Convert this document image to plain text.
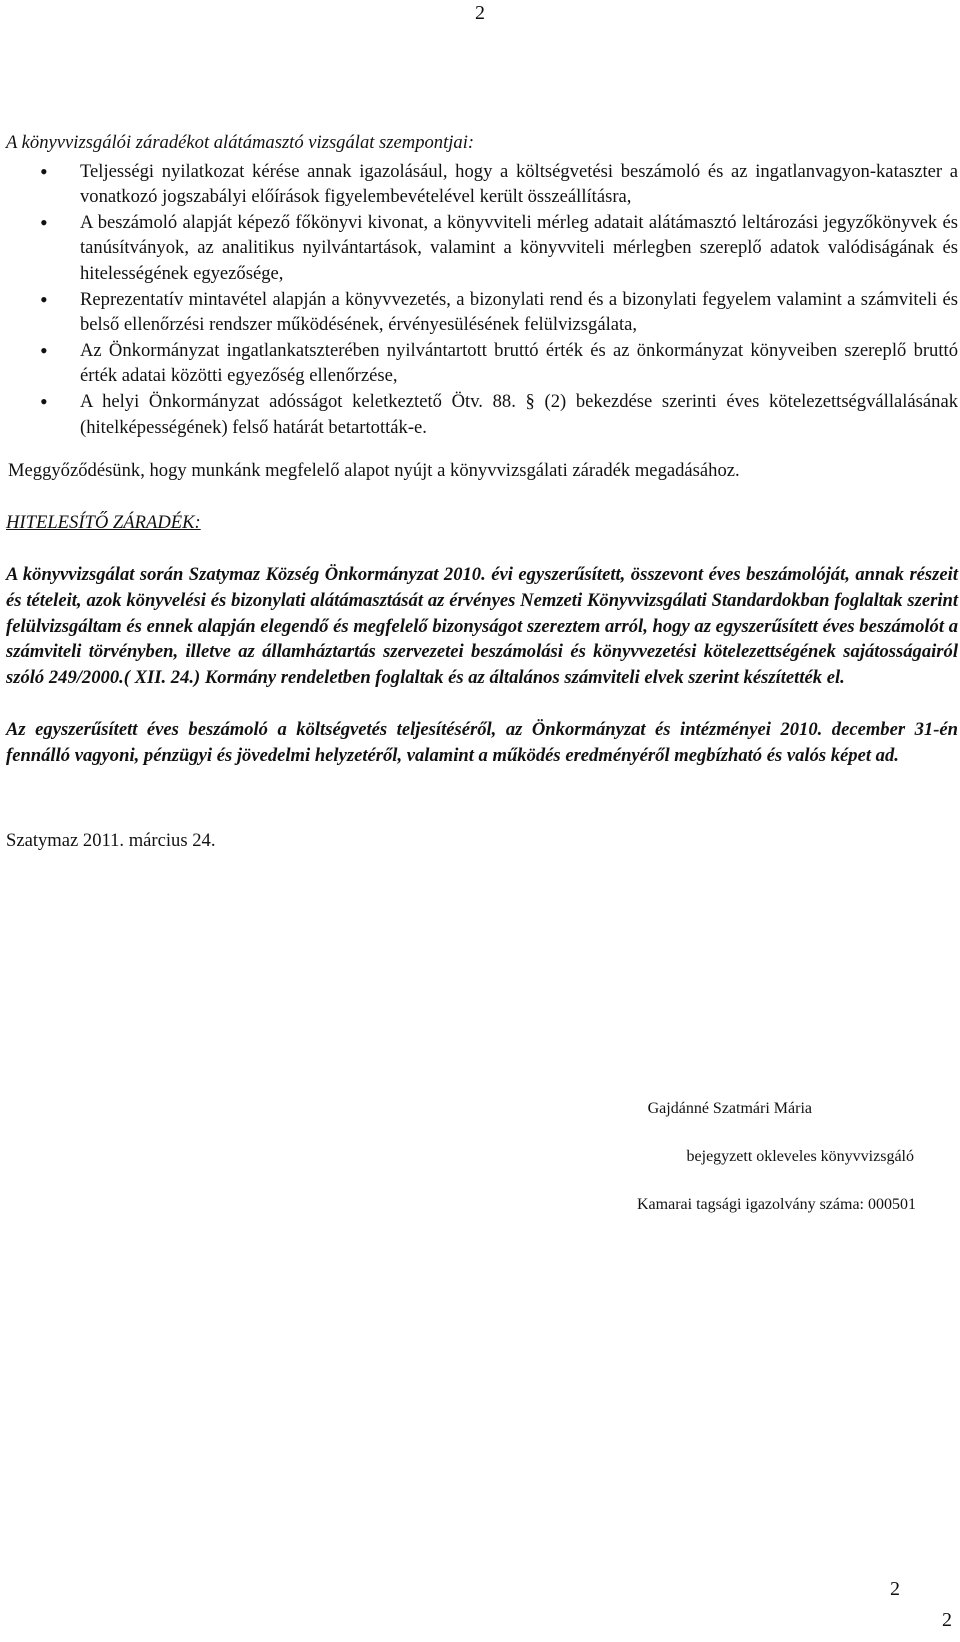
2

A könyvvizsgálói záradékot alátámasztó vizsgálat szempontjai:

• Teljességi nyilatkozat kérése annak igazolásául, hogy a költségvetési beszámoló és az ingatlanvagyon-kataszter a vonatkozó jogszabályi előírások figyelembevételével került összeállításra,
• A beszámoló alapját képező főkönyvi kivonat, a könyvviteli mérleg adatait alátámasztó leltározási jegyzőkönyvek és tanúsítványok, az analitikus nyilvántartások, valamint a könyvviteli mérlegben szereplő adatok valódiságának és hitelességének egyezősége,
• Reprezentatív mintavétel alapján a könyvvezetés, a bizonylati rend és a bizonylati fegyelem valamint a számviteli és belső ellenőrzési rendszer működésének, érvényesülésének felülvizsgálata,
• Az Önkormányzat ingatlankatszterében nyilvántartott bruttó érték és az önkormányzat könyveiben szereplő bruttó érték adatai közötti egyezőség ellenőrzése,
• A helyi Önkormányzat adósságot keletkeztető Ötv. 88. § (2) bekezdése szerinti éves kötelezettségvállalásának (hitelképességének) felső határát betartották-e.

Meggyőződésünk, hogy munkánk megfelelő alapot nyújt a könyvvizsgálati záradék megadásához.

HITELESÍTŐ ZÁRADÉK:

A könyvvizsgálat során Szatymaz Község Önkormányzat 2010. évi egyszerűsített, összevont éves beszámolóját, annak részeit és tételeit, azok könyvelési és bizonylati alátámasztását az érvényes Nemzeti Könyvvizsgálati Standardokban foglaltak szerint felülvizsgáltam és ennek alapján elegendő és megfelelő bizonyságot szereztem arról, hogy az egyszerűsített éves beszámolót a számviteli törvényben, illetve az államháztartás szervezetei beszámolási és könyvvezetési kötelezettségének sajátosságairól szóló 249/2000.( XII. 24.) Kormány rendeletben foglaltak és az általános számviteli elvek szerint készítették el.

Az egyszerűsített éves beszámoló a költségvetés teljesítéséről, az Önkormányzat és intézményei 2010. december 31-én fennálló vagyoni, pénzügyi és jövedelmi helyzetéről, valamint a működés eredményéről megbízható és valós képet ad.

Szatymaz 2011. március 24.

Gajdánné Szatmári Mária
bejegyzett okleveles könyvvizsgáló
Kamarai tagsági igazolvány száma: 000501
2
2
